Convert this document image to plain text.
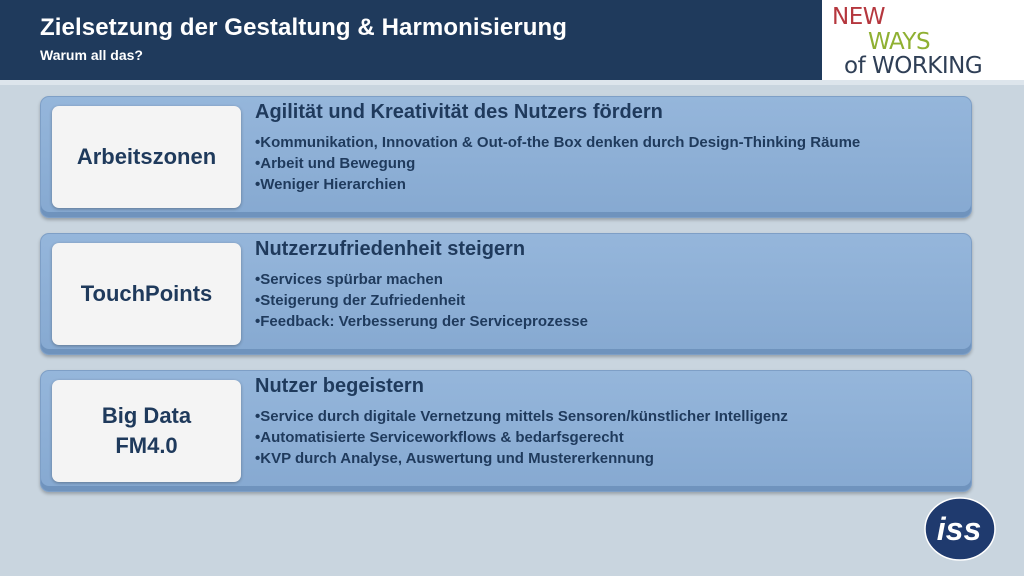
Zielsetzung der Gestaltung & Harmonisierung
Warum all das?
NEW
WAYS
of WORKING
Arbeitszonen
Agilität und Kreativität des Nutzers fördern
• Kommunikation, Innovation & Out-of-the Box denken durch Design-Thinking Räume
• Arbeit und Bewegung
• Weniger Hierarchien
TouchPoints
Nutzerzufriedenheit steigern
• Services spürbar machen
• Steigerung der Zufriedenheit
• Feedback: Verbesserung der Serviceprozesse
Big Data
FM4.0
Nutzer begeistern
• Service durch digitale Vernetzung mittels Sensoren/künstlicher Intelligenz
• Automatisierte Serviceworkflows & bedarfsgerecht
• KVP durch Analyse, Auswertung und Mustererkennung
iss
